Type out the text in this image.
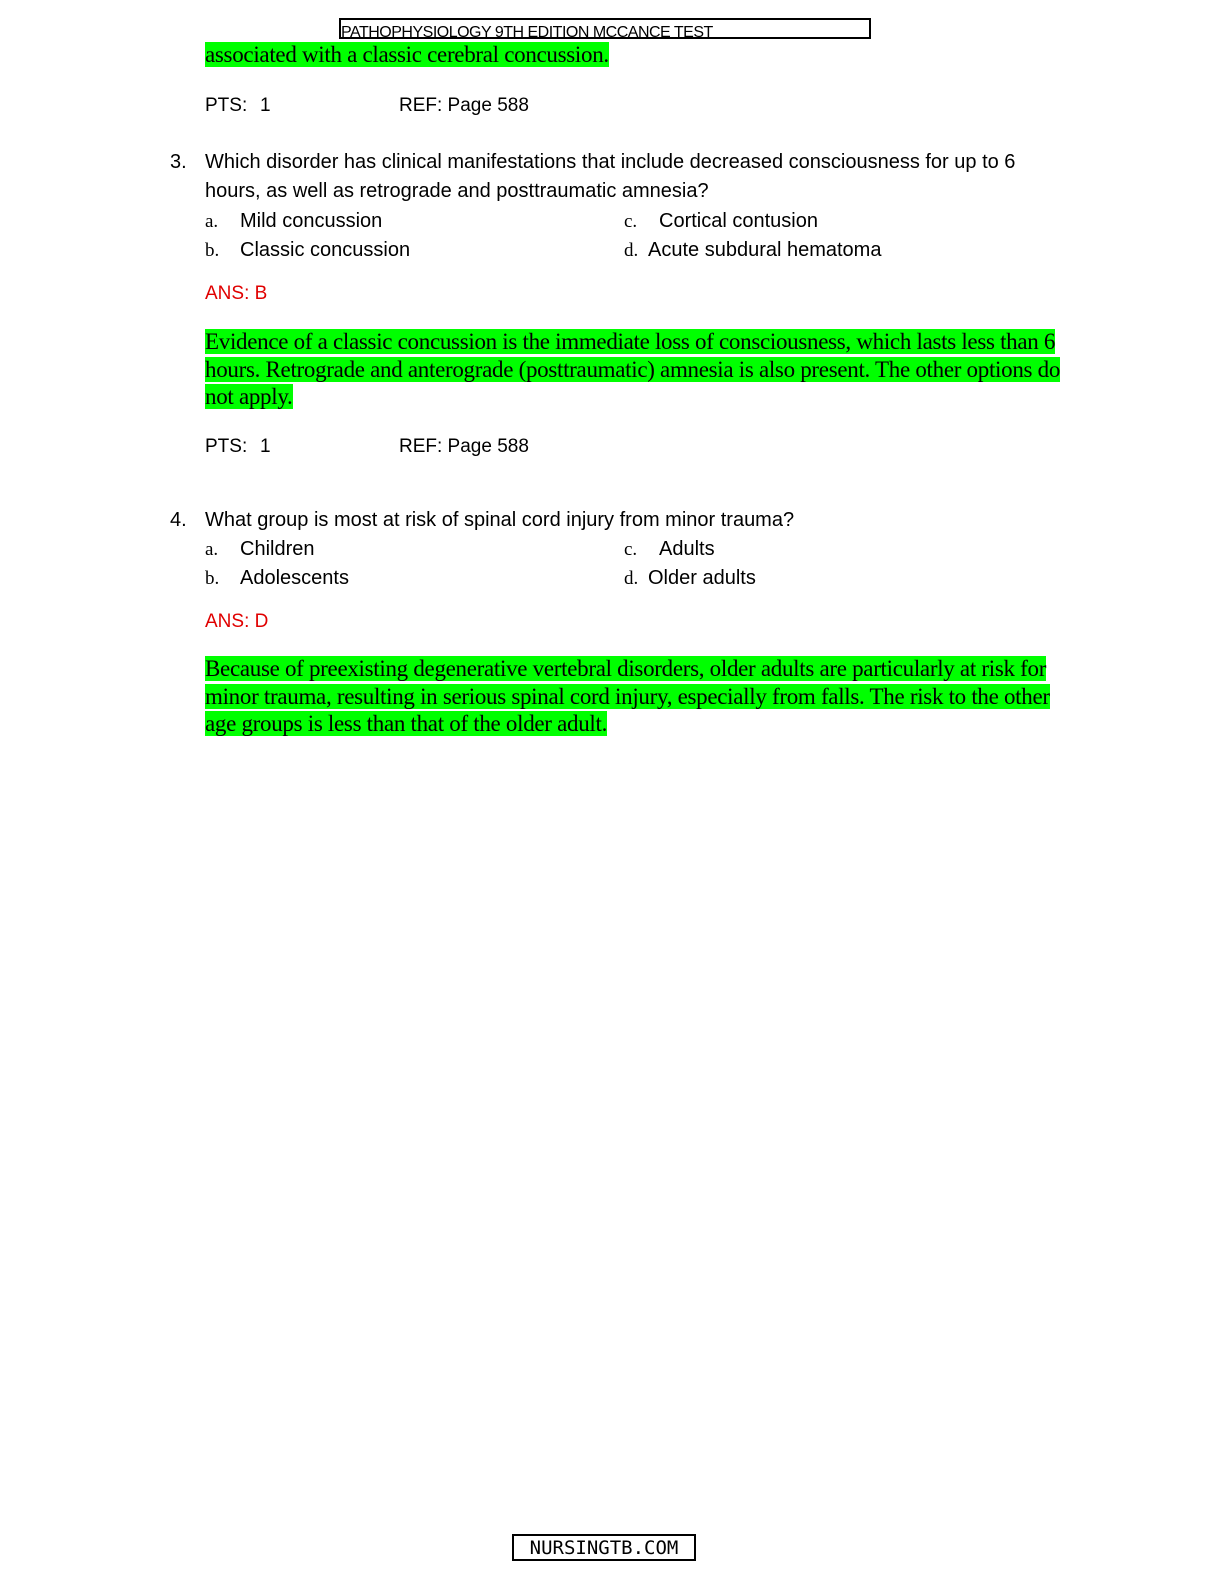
PATHOPHYSIOLOGY 9TH EDITION MCCANCE TEST
associated with a classic cerebral concussion.
PTS: 1	REF: Page 588
3. Which disorder has clinical manifestations that include decreased consciousness for up to 6 hours, as well as retrograde and posttraumatic amnesia?
a. Mild concussion
b. Classic concussion
c. Cortical contusion
d. Acute subdural hematoma
ANS: B
Evidence of a classic concussion is the immediate loss of consciousness, which lasts less than 6 hours. Retrograde and anterograde (posttraumatic) amnesia is also present. The other options do not apply.
PTS: 1	REF: Page 588
4. What group is most at risk of spinal cord injury from minor trauma?
a. Children
b. Adolescents
c. Adults
d. Older adults
ANS: D
Because of preexisting degenerative vertebral disorders, older adults are particularly at risk for minor trauma, resulting in serious spinal cord injury, especially from falls. The risk to the other age groups is less than that of the older adult.
NURSINGTB.COM
